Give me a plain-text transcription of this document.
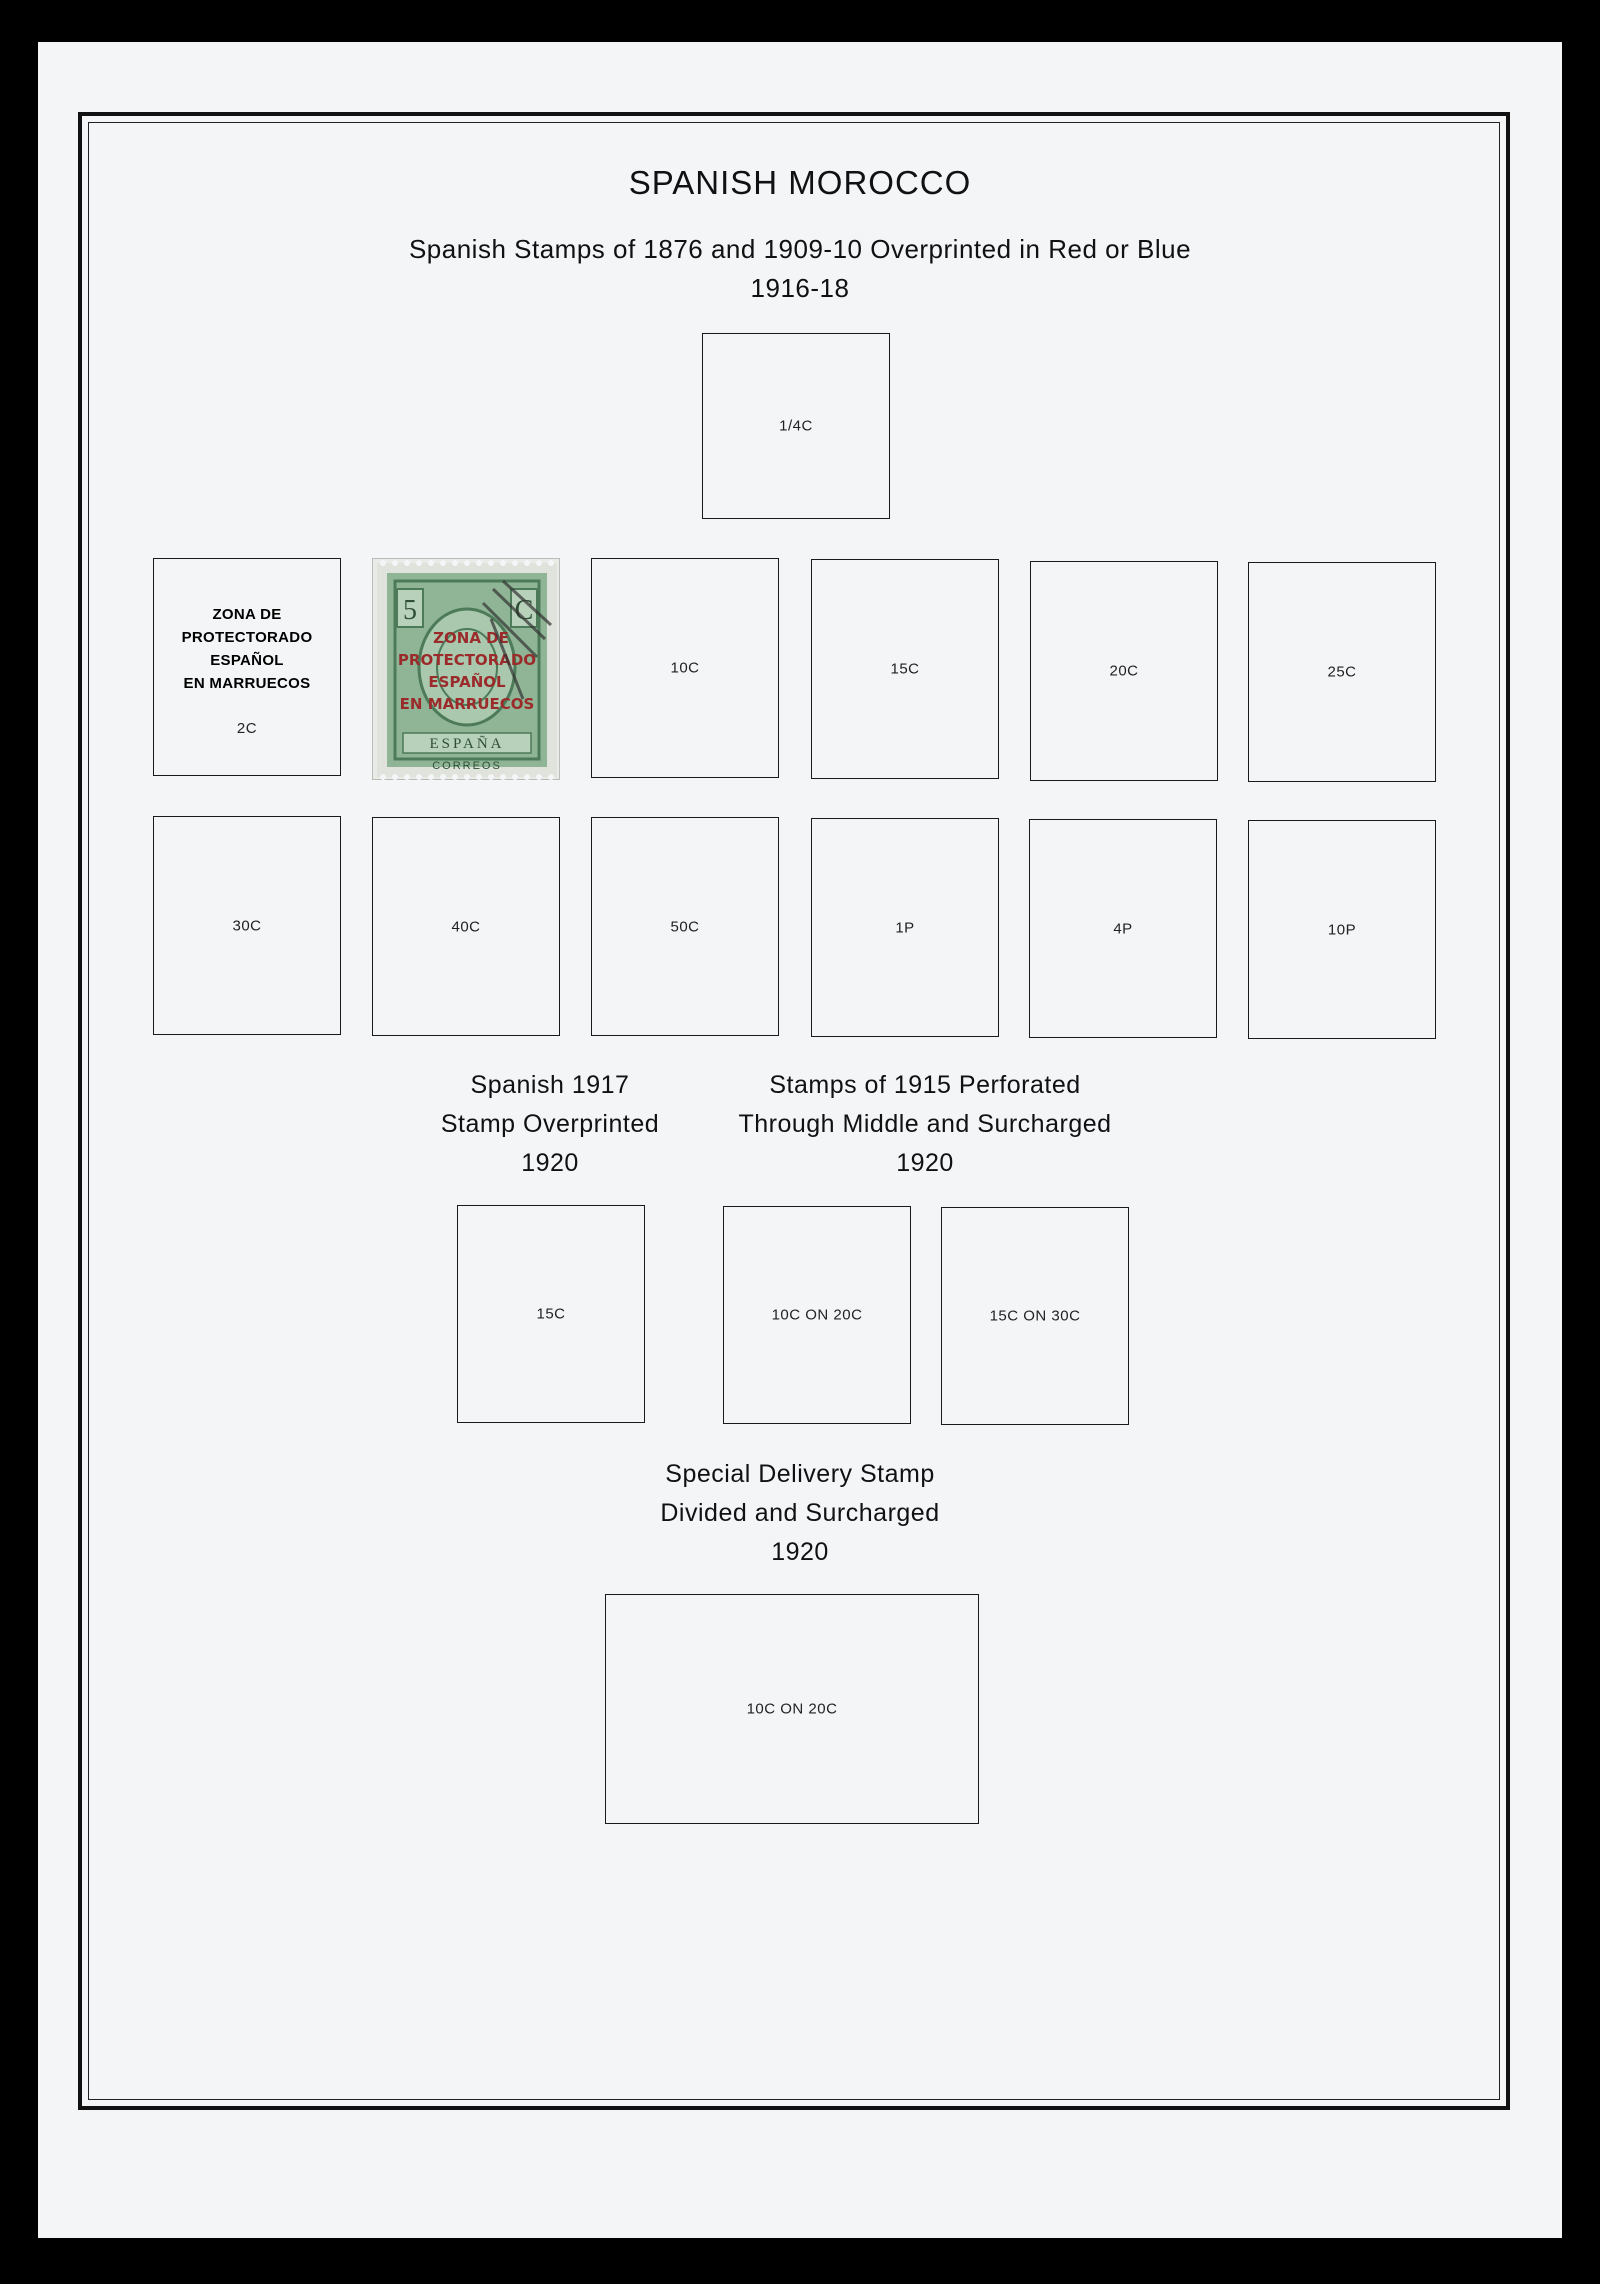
SPANISH MOROCCO
Spanish Stamps of 1876 and 1909-10 Overprinted in Red or Blue
1916-18
1/4C
ZONA DE
PROTECTORADO
ESPAÑOL
EN MARRUECOS
2C
5	C
ESPAÑA
CORREOS
ZONA DE
PROTECTORADO
ESPAÑOL
EN MARRUECOS
10C	15C	20C	25C
30C	40C	50C	1P	4P	10P
Spanish 1917
Stamp Overprinted
1920
Stamps of 1915 Perforated
Through Middle and Surcharged
1920
15C	10C ON 20C	15C ON 30C
Special Delivery Stamp
Divided and Surcharged
1920
10C ON 20C
